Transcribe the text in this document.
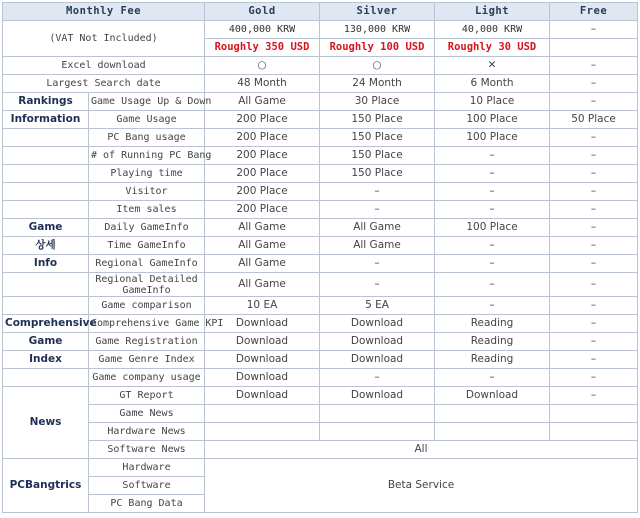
Monthly Fee		Gold	Silver	Light	Free
(VAT Not Included)		400,000 KRW	130,000 KRW	40,000 KRW	–
		Roughly 350 USD	Roughly 100 USD	Roughly 30 USD	
Excel download		○	○	✕	–
Largest Search date		48 Month	24 Month	6 Month	–
Rankings	Game Usage Up & Down	All Game	30 Place	10 Place	–
Information	Game Usage	200 Place	150 Place	100 Place	50 Place
	PC Bang usage	200 Place	150 Place	100 Place	–
	# of Running PC Bang	200 Place	150 Place	–	–
	Playing time	200 Place	150 Place	–	–
	Visitor	200 Place	–	–	–
	Item sales	200 Place	–	–	–
Game	Daily GameInfo	All Game	All Game	100 Place	–
상세	Time GameInfo	All Game	All Game	–	–
Info	Regional GameInfo	All Game	–	–	–
	Regional Detailed GameInfo	All Game	–	–	–
	Game comparison	10 EA	5 EA	–	–
Comprehensive	Comprehensive Game KPI	Download	Download	Reading	–
Game	Game Registration	Download	Download	Reading	–
Index	Game Genre Index	Download	Download	Reading	–
	Game company usage	Download	–	–	–
News	GT Report	Download	Download	Download	–
	Game News				
	Hardware News				
	Software News	All			
PCBangtrics	Hardware	Beta Service			
	Software				
	PC Bang Data				
